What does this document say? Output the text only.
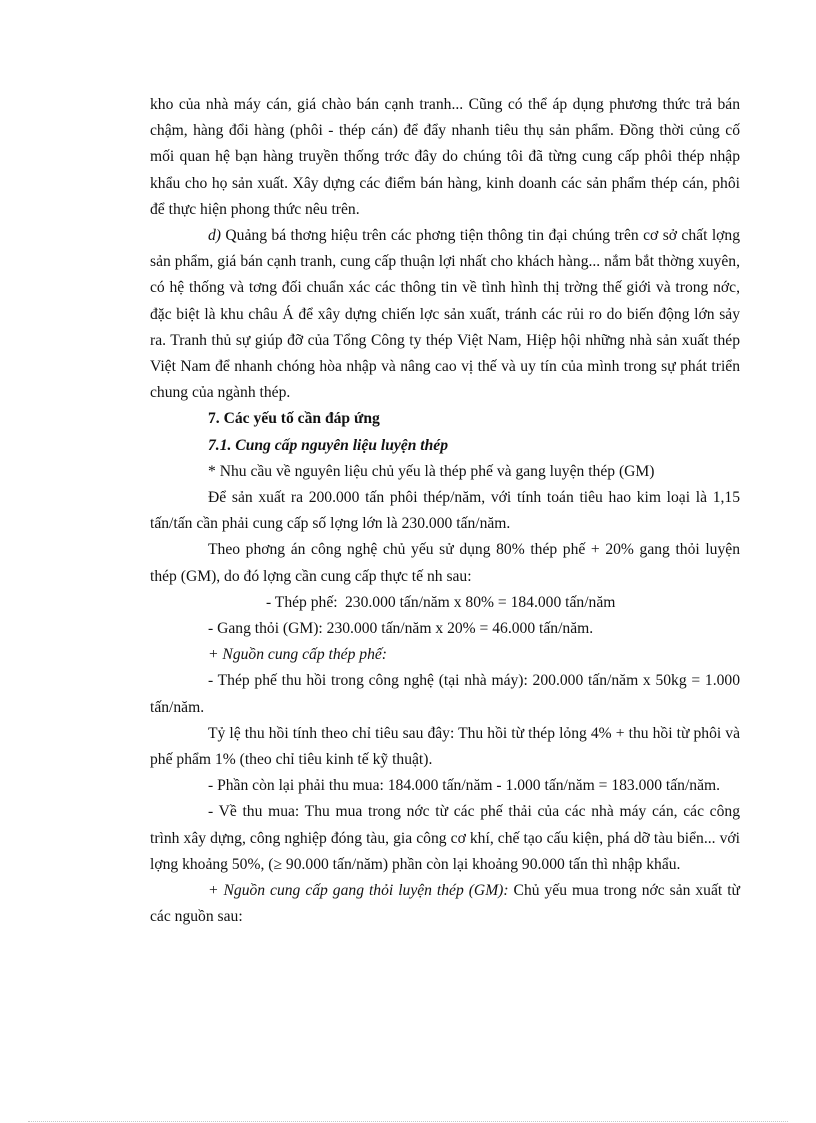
kho của nhà máy cán, giá chào bán cạnh tranh... Cũng có thể áp dụng phương thức trả bán chậm, hàng đổi hàng (phôi - thép cán) để đẩy nhanh tiêu thụ sản phẩm. Đồng thời củng cố mối quan hệ bạn hàng truyền thống trớc đây do chúng tôi đã từng cung cấp phôi thép nhập khẩu cho họ sản xuất. Xây dựng các điểm bán hàng, kinh doanh các sản phẩm thép cán, phôi để thực hiện phong thức nêu trên.

d) Quảng bá thơng hiệu trên các phơng tiện thông tin đại chúng trên cơ sở chất lợng sản phẩm, giá bán cạnh tranh, cung cấp thuận lợi nhất cho khách hàng... nắm bắt thờng xuyên, có hệ thống và tơng đối chuẩn xác các thông tin về tình hình thị trờng thế giới và trong nớc, đặc biệt là khu châu Á để xây dựng chiến lợc sản xuất, tránh các rủi ro do biến động lớn sảy ra. Tranh thủ sự giúp đỡ của Tổng Công ty thép Việt Nam, Hiệp hội những nhà sản xuất thép Việt Nam để nhanh chóng hòa nhập và nâng cao vị thế và uy tín của mình trong sự phát triển chung của ngành thép.

7. Các yếu tố cần đáp ứng

7.1. Cung cấp nguyên liệu luyện thép

* Nhu cầu về nguyên liệu chủ yếu là thép phế và gang luyện thép (GM)

Để sản xuất ra 200.000 tấn phôi thép/năm, với tính toán tiêu hao kim loại là 1,15 tấn/tấn cần phải cung cấp số lợng lớn là 230.000 tấn/năm.

Theo phơng án công nghệ chủ yếu sử dụng 80% thép phế + 20% gang thỏi luyện thép (GM), do đó lợng cần cung cấp thực tế nh sau:

- Thép phế: 230.000 tấn/năm x 80% = 184.000 tấn/năm

- Gang thỏi (GM): 230.000 tấn/năm x 20% = 46.000 tấn/năm.

+ Nguồn cung cấp thép phế:

- Thép phế thu hồi trong công nghệ (tại nhà máy): 200.000 tấn/năm x 50kg = 1.000 tấn/năm.

Tỷ lệ thu hồi tính theo chỉ tiêu sau đây: Thu hồi từ thép lỏng 4% + thu hồi từ phôi và phế phẩm 1% (theo chỉ tiêu kinh tế kỹ thuật).

- Phần còn lại phải thu mua: 184.000 tấn/năm - 1.000 tấn/năm = 183.000 tấn/năm.

- Về thu mua: Thu mua trong nớc từ các phế thải của các nhà máy cán, các công trình xây dựng, công nghiệp đóng tàu, gia công cơ khí, chế tạo cấu kiện, phá dỡ tàu biển... với lợng khoảng 50%, (≥ 90.000 tấn/năm) phần còn lại khoảng 90.000 tấn thì nhập khẩu.

+ Nguồn cung cấp gang thỏi luyện thép (GM): Chủ yếu mua trong nớc sản xuất từ các nguồn sau:
